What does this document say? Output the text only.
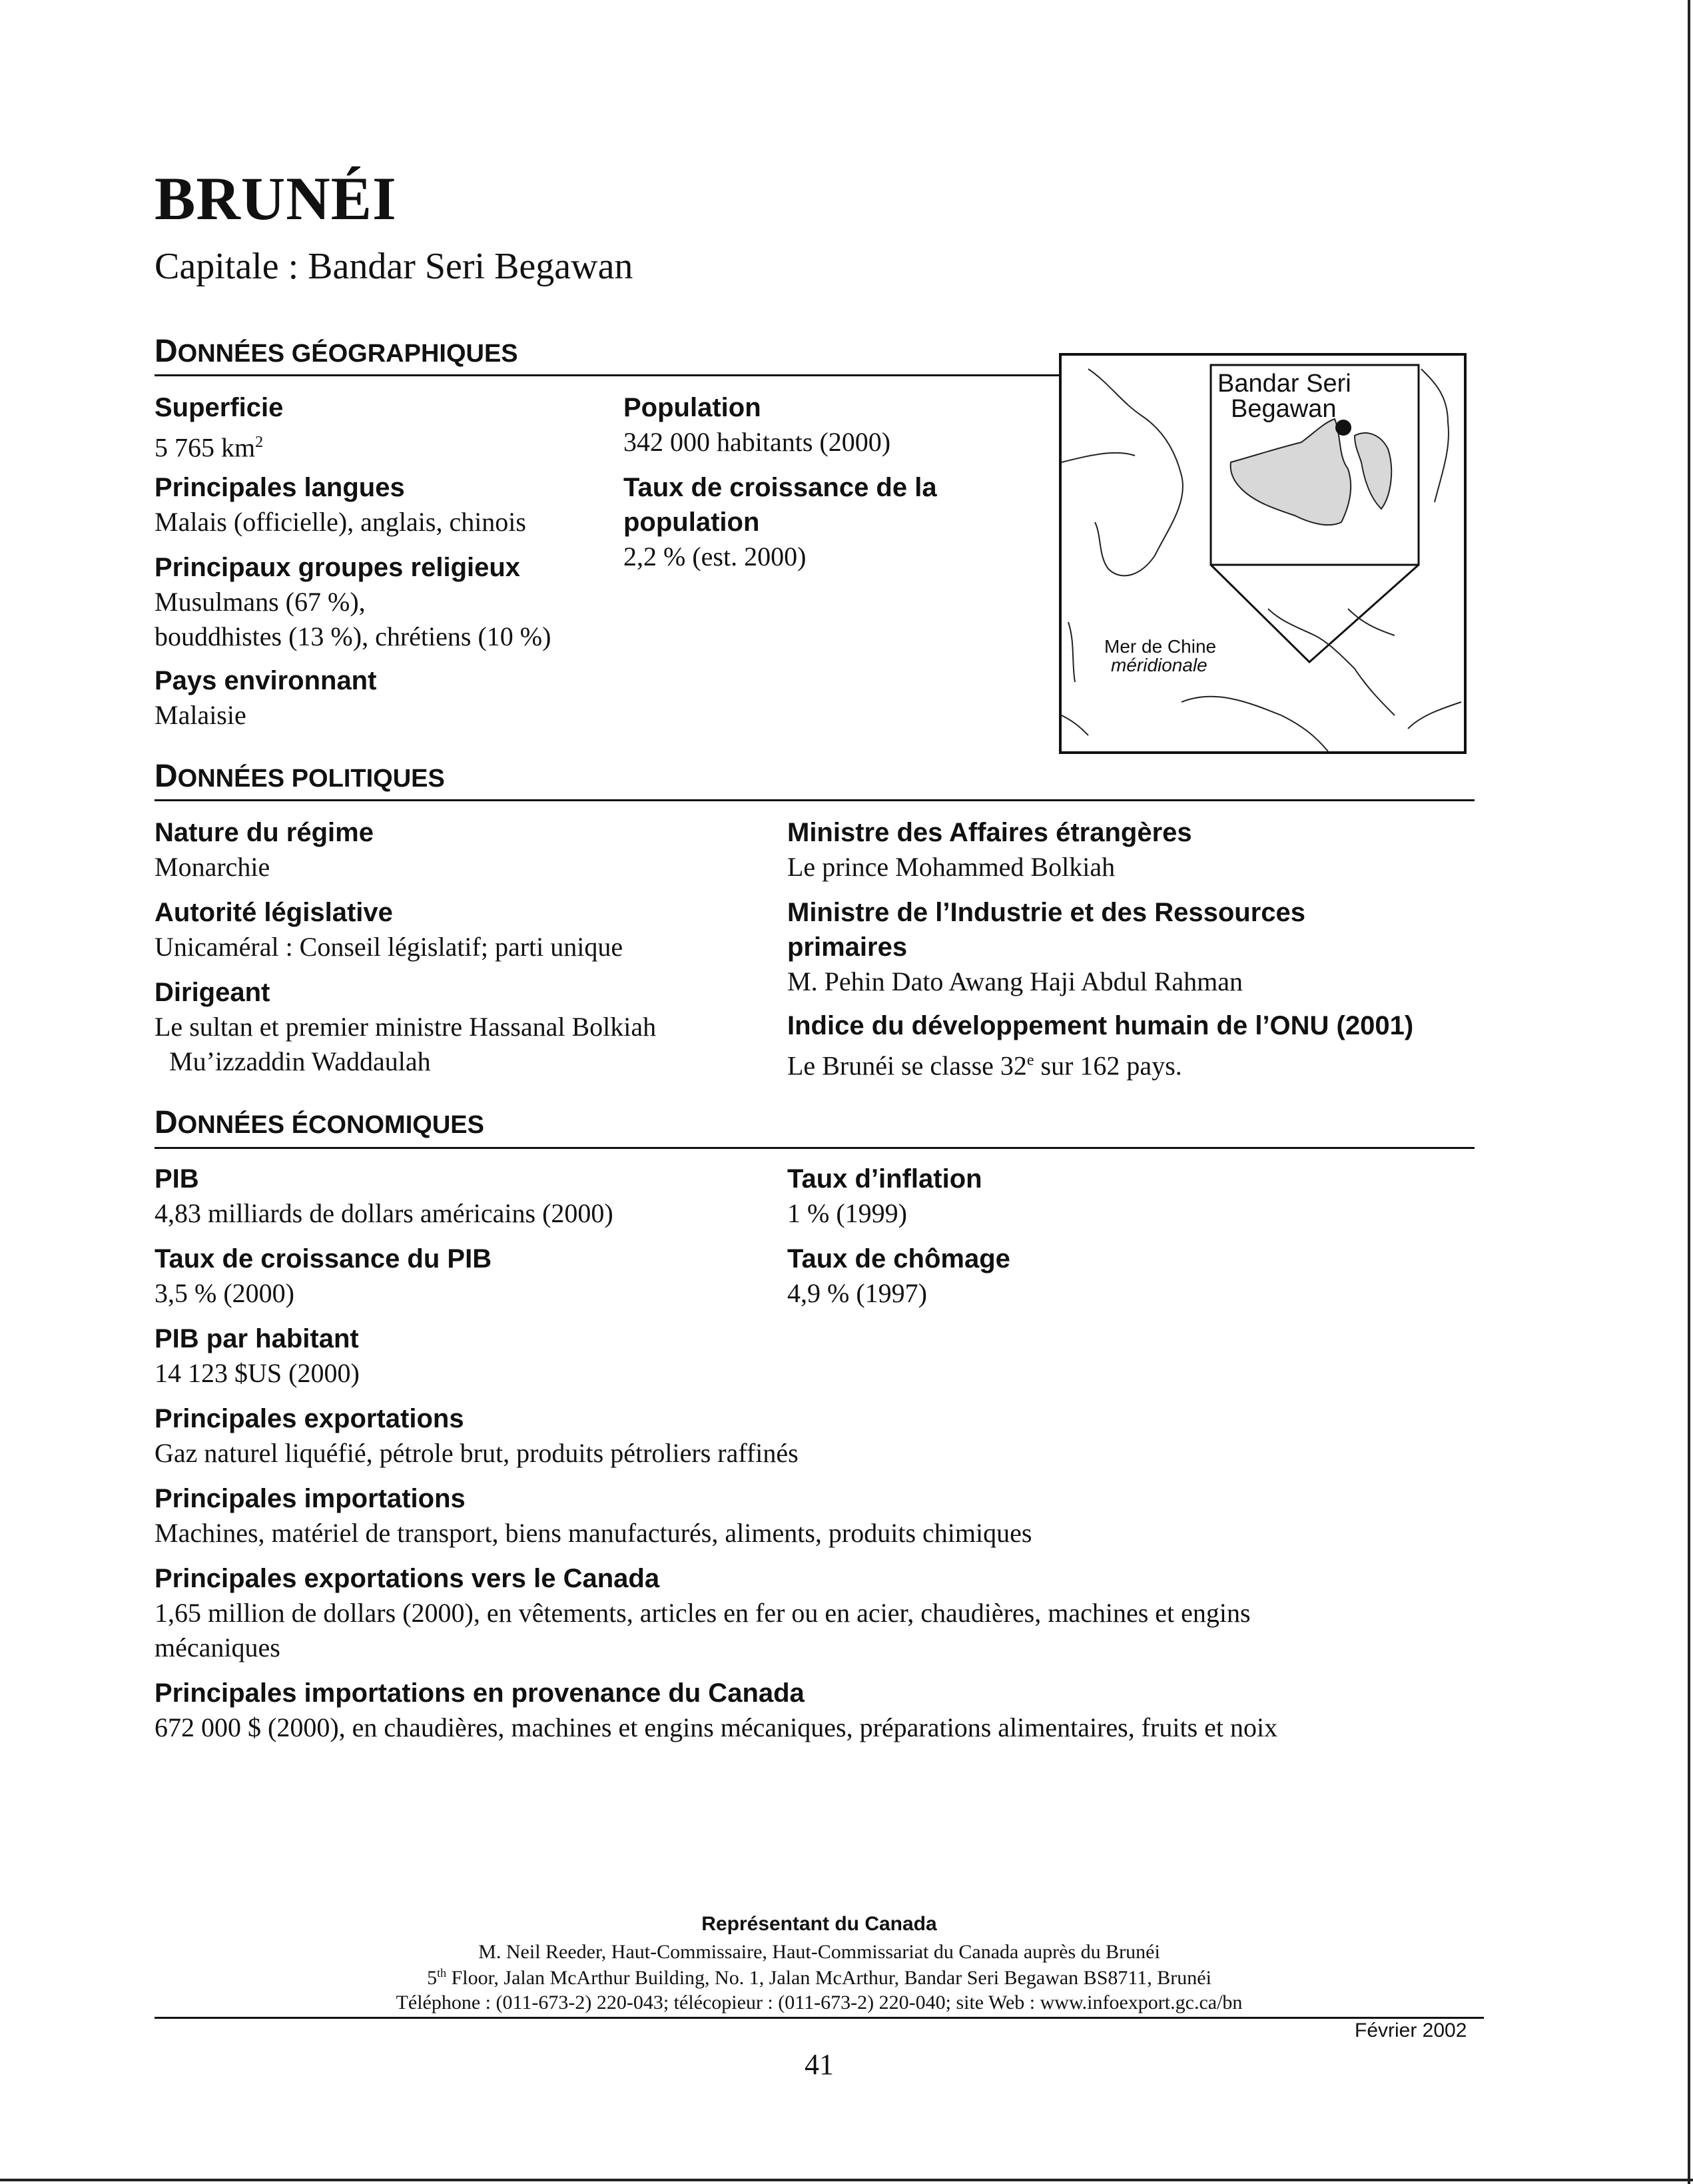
BRUNÉI
Capitale : Bandar Seri Begawan
DONNÉES GÉOGRAPHIQUES
Superficie
5 765 $km^2$
Principales langues
Malais (officielle), anglais, chinois
Principaux groupes religieux
Musulmans (67 %),
bouddhistes (13 %), chrétiens (10 %)
Pays environnant
Malaisie
Population
342 000 habitants (2000)
Taux de croissance de la
population
2,2 % (est. 2000)
Bandar Seri
Begawan
Mer de Chine
méridionale
DONNÉES POLITIQUES
Nature du régime
Monarchie
Autorité législative
Unicaméral : Conseil législatif; parti unique
Dirigeant
Le sultan et premier ministre Hassanal Bolkiah
Mu’izzaddin Waddaulah
Ministre des Affaires étrangères
Le prince Mohammed Bolkiah
Ministre de l’Industrie et des Ressources
primaires
M. Pehin Dato Awang Haji Abdul Rahman
Indice du développement humain de l’ONU (2001)
Le Brunéi se classe 32e sur 162 pays.
DONNÉES ÉCONOMIQUES
PIB
4,83 milliards de dollars américains (2000)
Taux de croissance du PIB
3,5 % (2000)
PIB par habitant
14 123 $US (2000)
Taux d’inflation
1 % (1999)
Taux de chômage
4,9 % (1997)
Principales exportations
Gaz naturel liquéfié, pétrole brut, produits pétroliers raffinés
Principales importations
Machines, matériel de transport, biens manufacturés, aliments, produits chimiques
Principales exportations vers le Canada
1,65 million de dollars (2000), en vêtements, articles en fer ou en acier, chaudières, machines et engins
mécaniques
Principales importations en provenance du Canada
672 000 $ (2000), en chaudières, machines et engins mécaniques, préparations alimentaires, fruits et noix
Représentant du Canada
M. Neil Reeder, Haut-Commissaire, Haut-Commissariat du Canada auprès du Brunéi
5th Floor, Jalan McArthur Building, No. 1, Jalan McArthur, Bandar Seri Begawan BS8711, Brunéi
Téléphone : (011-673-2) 220-043; télécopieur : (011-673-2) 220-040; site Web : www.infoexport.gc.ca/bn
Février 2002
41
